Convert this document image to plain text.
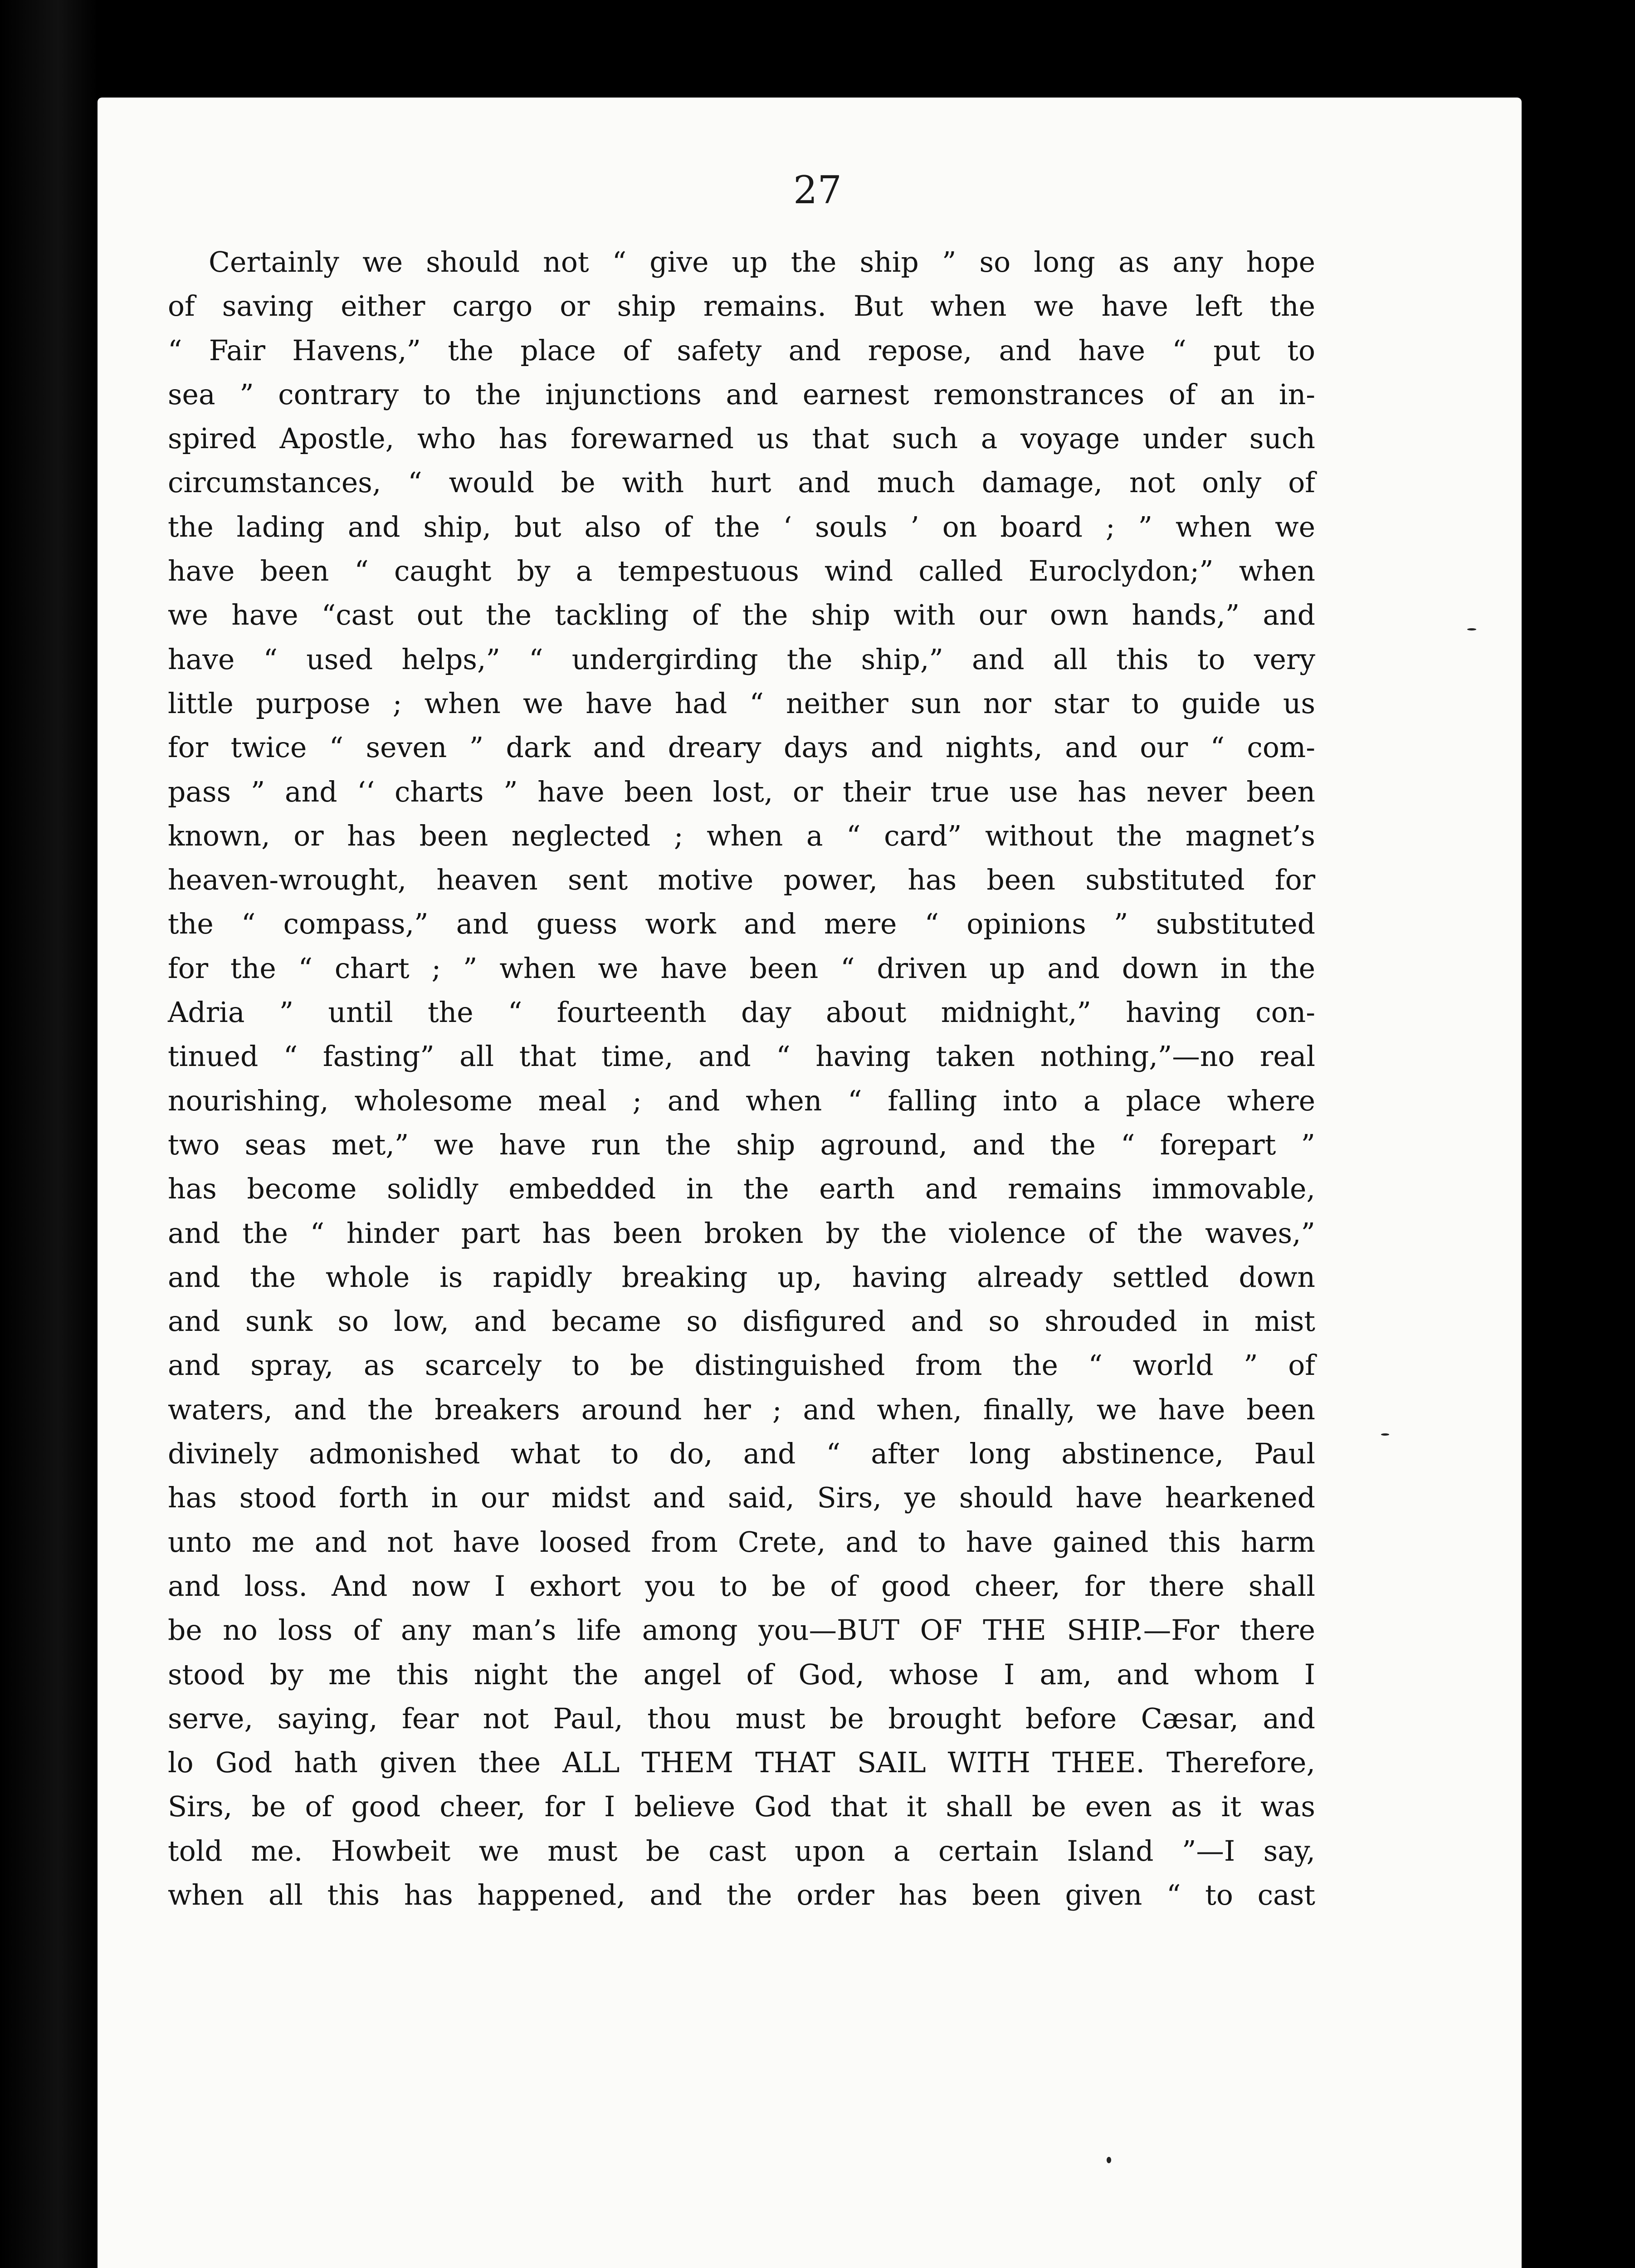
27

Certainly we should not “ give up the ship ” so long as any hope
of saving either cargo or ship remains. But when we have left the
“ Fair Havens,” the place of safety and repose, and have “ put to
sea ” contrary to the injunctions and earnest remonstrances of an in-
spired Apostle, who has forewarned us that such a voyage under such
circumstances, “ would be with hurt and much damage, not only of
the lading and ship, but also of the ‘ souls ’ on board ; ” when we
have been “ caught by a tempestuous wind called Euroclydon;” when
we have “cast out the tackling of the ship with our own hands,” and
have “ used helps,” “ undergirding the ship,” and all this to very
little purpose ; when we have had “ neither sun nor star to guide us
for twice “ seven ” dark and dreary days and nights, and our “ com-
pass ” and ‘‘ charts ” have been lost, or their true use has never been
known, or has been neglected ; when a “ card” without the magnet’s
heaven-wrought, heaven sent motive power, has been substituted for
the “ compass,” and guess work and mere “ opinions ” substituted
for the “ chart ; ” when we have been “ driven up and down in the
Adria ” until the “ fourteenth day about midnight,” having con-
tinued “ fasting” all that time, and “ having taken nothing,”—no real
nourishing, wholesome meal ; and when “ falling into a place where
two seas met,” we have run the ship aground, and the “ forepart ”
has become solidly embedded in the earth and remains immovable,
and the “ hinder part has been broken by the violence of the waves,”
and the whole is rapidly breaking up, having already settled down
and sunk so low, and became so disfigured and so shrouded in mist
and spray, as scarcely to be distinguished from the “ world ” of
waters, and the breakers around her ; and when, finally, we have been
divinely admonished what to do, and “ after long abstinence, Paul
has stood forth in our midst and said, Sirs, ye should have hearkened
unto me and not have loosed from Crete, and to have gained this harm
and loss. And now I exhort you to be of good cheer, for there shall
be no loss of any man’s life among you—BUT OF THE SHIP.—For there
stood by me this night the angel of God, whose I am, and whom I
serve, saying, fear not Paul, thou must be brought before Cæsar, and
lo God hath given thee ALL THEM THAT SAIL WITH THEE. Therefore,
Sirs, be of good cheer, for I believe God that it shall be even as it was
told me. Howbeit we must be cast upon a certain Island ”—I say,
when all this has happened, and the order has been given “ to cast
